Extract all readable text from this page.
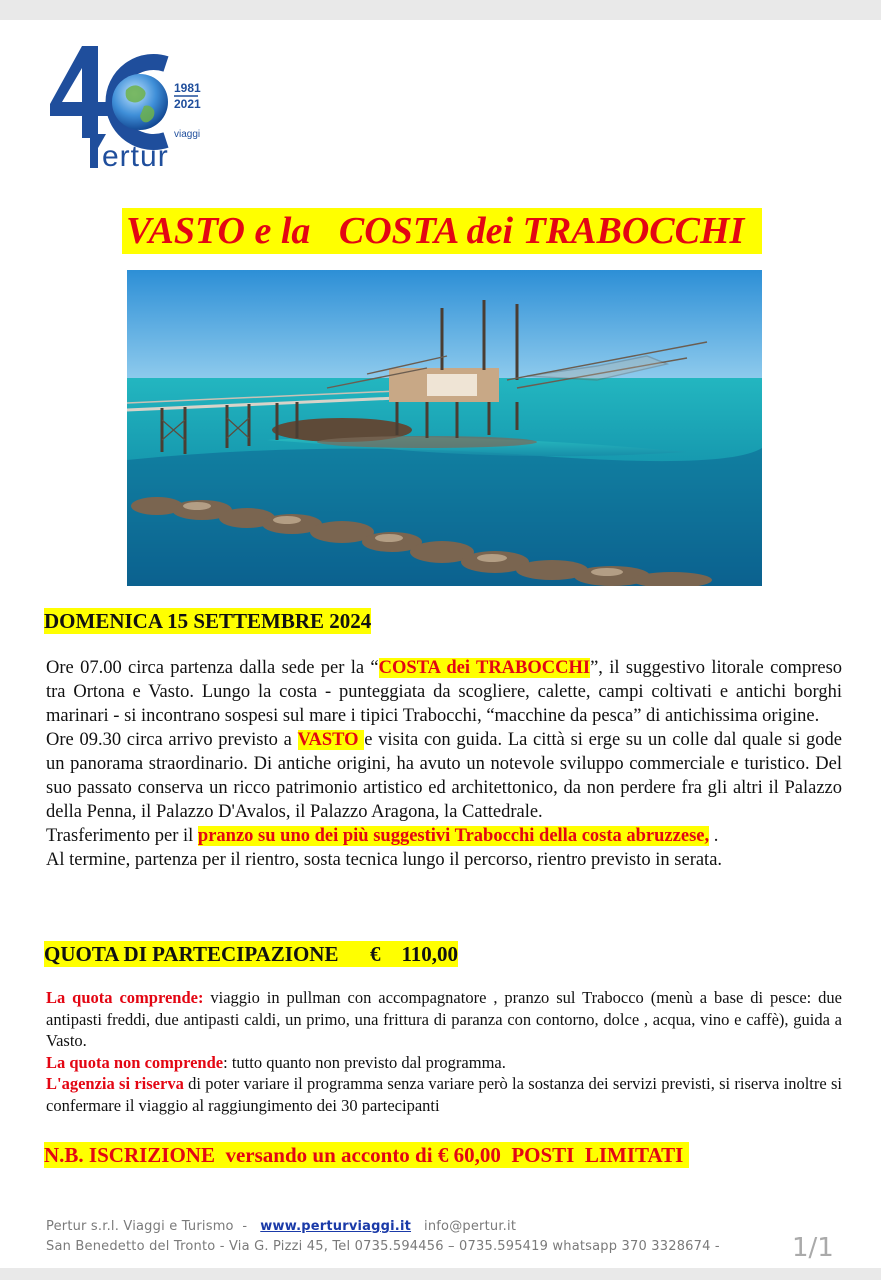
1981
2021
viaggi
ertur
VASTO e la   COSTA dei TRABOCCHI
DOMENICA 15 SETTEMBRE 2024

Ore 07.00 circa partenza dalla sede per la “COSTA dei TRABOCCHI”, il suggestivo litorale compreso tra Ortona e Vasto. Lungo la costa - punteggiata da scogliere, calette, campi coltivati e antichi borghi marinari - si incontrano sospesi sul mare i tipici Trabocchi, “macchine da pesca” di antichissima origine.

Ore 09.30 circa arrivo previsto a VASTO e visita con guida. La città si erge su un colle dal quale si gode un panorama straordinario. Di antiche origini, ha avuto un notevole sviluppo commerciale e turistico. Del suo passato conserva un ricco patrimonio artistico ed architettonico, da non perdere fra gli altri il Palazzo della Penna, il Palazzo D'Avalos, il Palazzo Aragona, la Cattedrale.

Trasferimento per il pranzo su uno dei più suggestivi Trabocchi della costa abruzzese, .

Al termine, partenza per il rientro, sosta tecnica lungo il percorso, rientro previsto in serata.

QUOTA DI PARTECIPAZIONE      €    110,00

La quota comprende: viaggio in pullman con accompagnatore , pranzo sul Trabocco (menù a base di pesce: due antipasti freddi, due antipasti caldi, un primo, una frittura di paranza con contorno, dolce , acqua, vino e caffè), guida a Vasto.

La quota non comprende: tutto quanto non previsto dal programma.

L'agenzia si riserva di poter variare il programma senza variare però la sostanza dei servizi previsti, si riserva inoltre si confermare il viaggio al raggiungimento dei 30 partecipanti

N.B. ISCRIZIONE  versando un acconto di € 60,00  POSTI  LIMITATI
Pertur s.r.l. Viaggi e Turismo  -   www.perturviaggi.it   info@pertur.it
San Benedetto del Tronto - Via G. Pizzi 45, Tel 0735.594456 – 0735.595419 whatsapp 370 3328674 -	1/1
